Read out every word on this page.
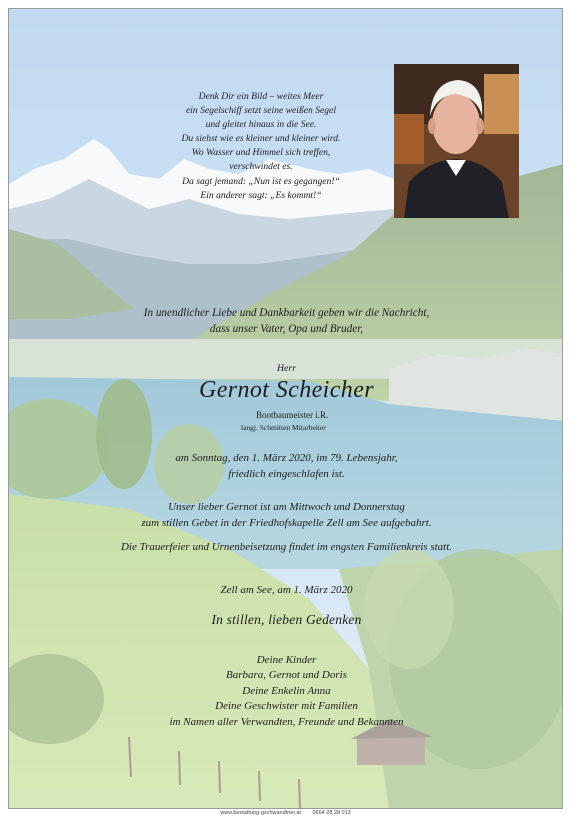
Denk Dir ein Bild – weites Meer
ein Segelschiff setzt seine weißen Segel
und gleitet hinaus in die See.
Du siehst wie es kleiner und kleiner wird.
Wo Wasser und Himmel sich treffen,
verschwindet es.
Da sagt jemand: „Nun ist es gegangen!“
Ein anderer sagt: „Es kommt!“
In unendlicher Liebe und Dankbarkeit geben wir die Nachricht,
dass unser Vater, Opa und Bruder,
Herr
Gernot Scheicher
Bootbaumeister i.R.
langj. Schmitten Mitarbeiter
am Sonntag, den 1. März 2020, im 79. Lebensjahr,
friedlich eingeschlafen ist.
Unser lieber Gernot ist am Mittwoch und Donnerstag
zum stillen Gebet in der Friedhofskapelle Zell am See aufgebahrt.
Die Trauerfeier und Urnenbeisetzung findet im engsten Familienkreis statt.
Zell am See, am 1. März 2020
In stillen, lieben Gedenken
Deine Kinder
Barbara, Gernot und Doris
Deine Enkelin Anna
Deine Geschwister mit Familien
im Namen aller Verwandten, Freunde und Bekannten
www.bestattung-gschwandtner.at 0664 28 28 013
